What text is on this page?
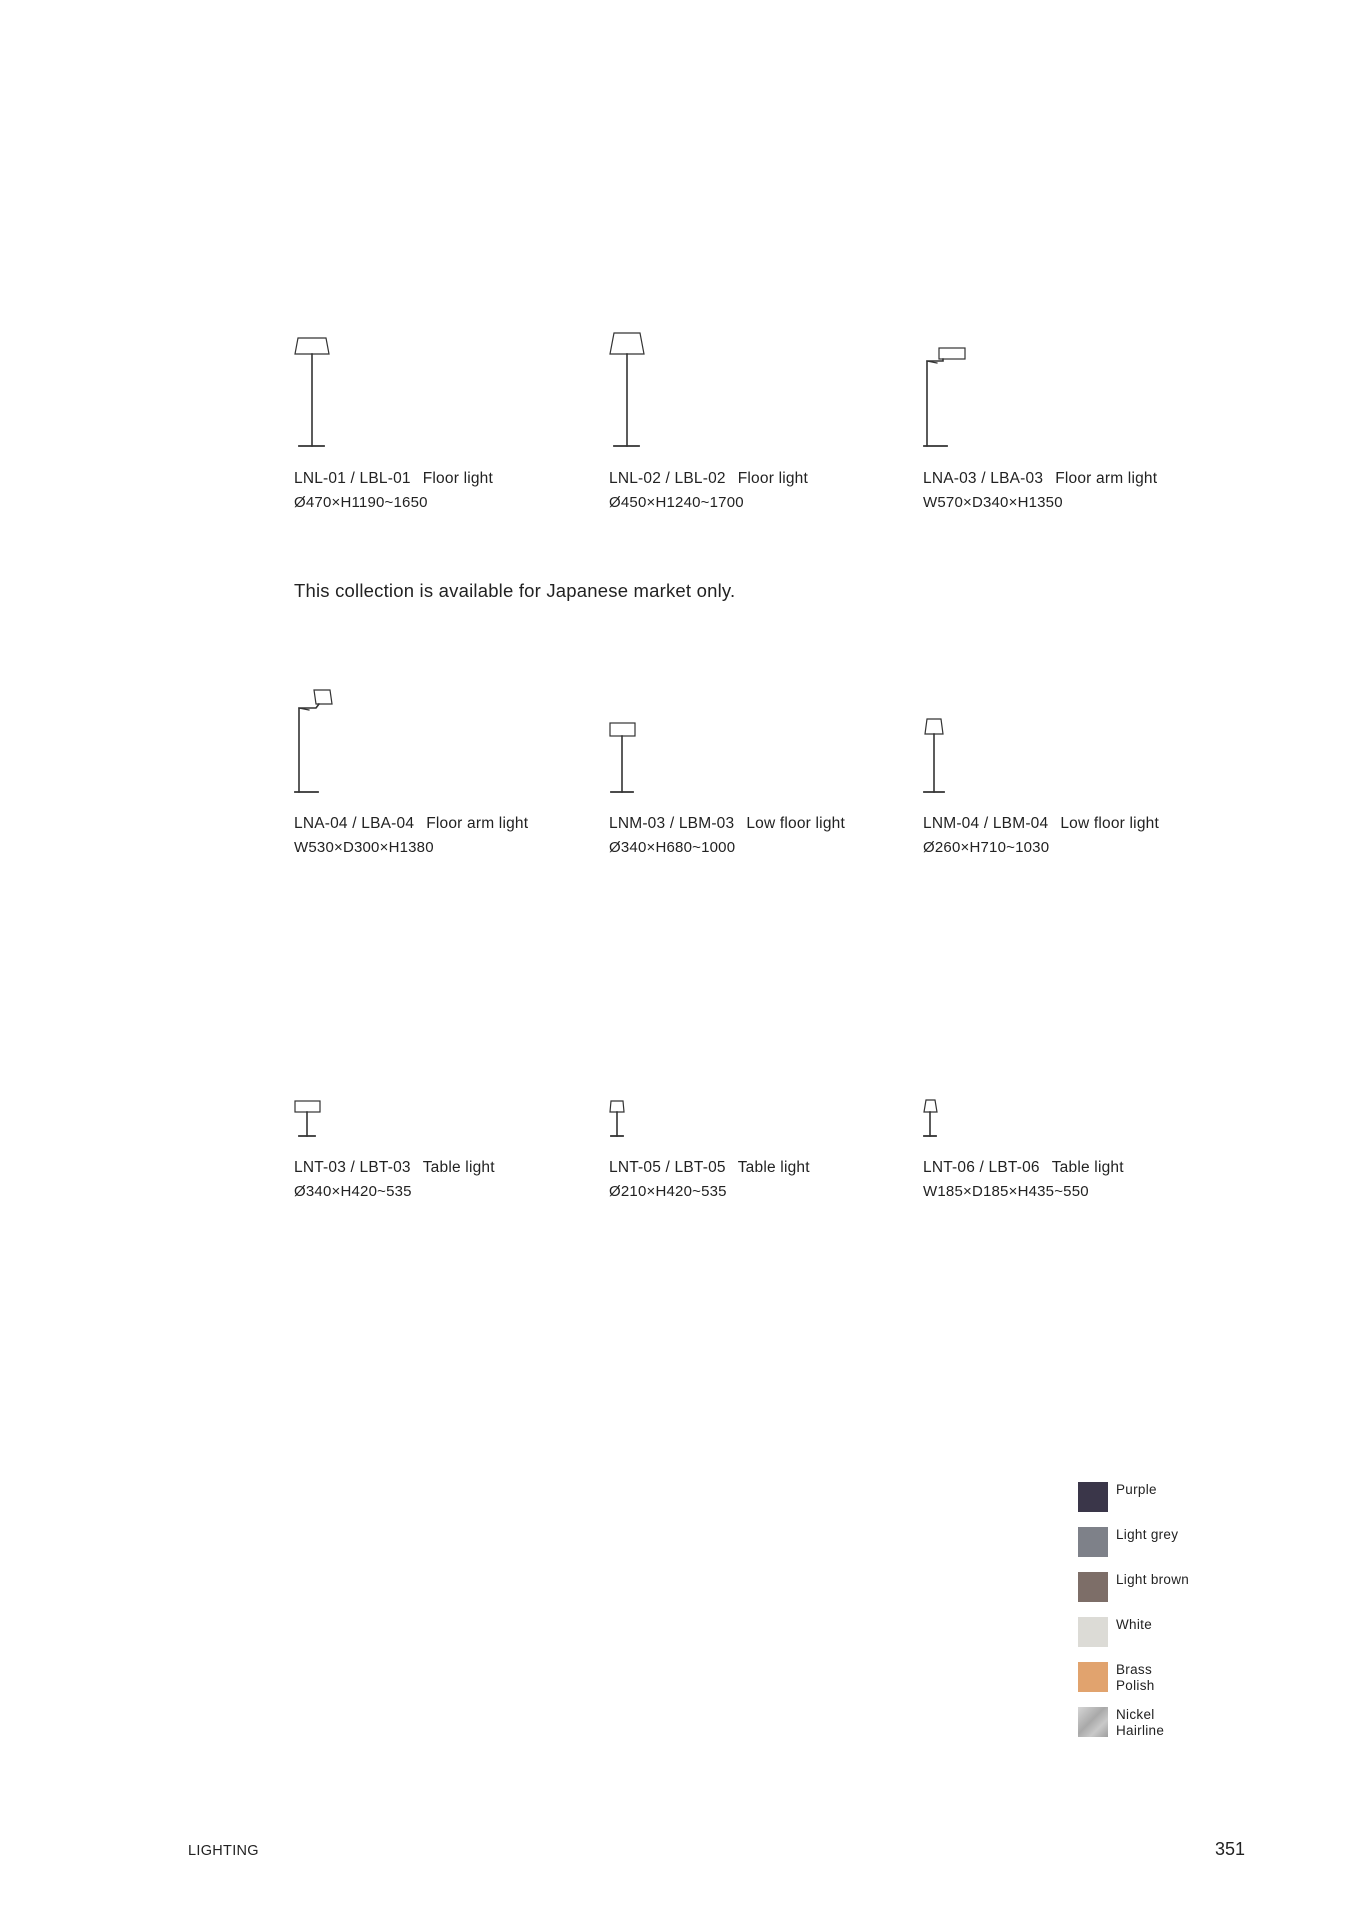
LNL-01 / LBL-01 Floor light
Ø470×H1190~1650
LNL-02 / LBL-02 Floor light
Ø450×H1240~1700
LNA-03 / LBA-03 Floor arm light
W570×D340×H1350
This collection is available for Japanese market only.
LNA-04 / LBA-04 Floor arm light
W530×D300×H1380
LNM-03 / LBM-03 Low floor light
Ø340×H680~1000
LNM-04 / LBM-04 Low floor light
Ø260×H710~1030
LNT-03 / LBT-03 Table light
Ø340×H420~535
LNT-05 / LBT-05 Table light
Ø210×H420~535
LNT-06 / LBT-06 Table light
W185×D185×H435~550
Purple
Light grey
Light brown
White
Brass
Polish
Nickel
Hairline
LIGHTING	351
